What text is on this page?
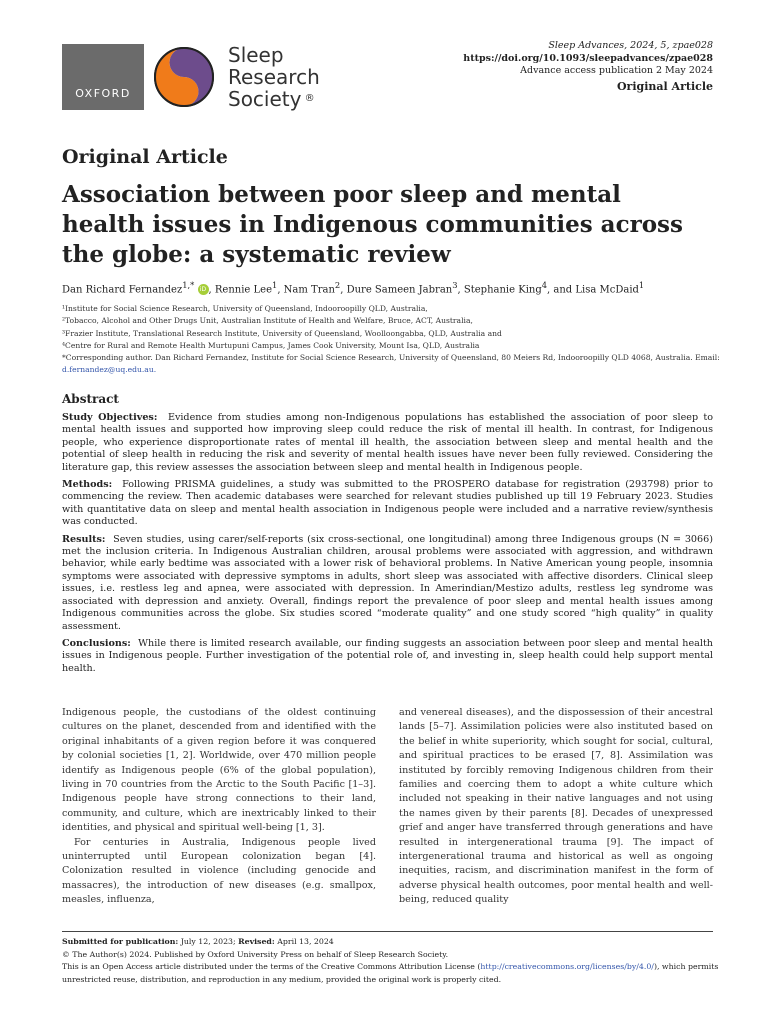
OXFORD
Sleep
Research
Society ®
Sleep Advances, 2024, 5, zpae028
https://doi.org/10.1093/sleepadvances/zpae028
Advance access publication 2 May 2024
Original Article
Original Article
Association between poor sleep and mental health issues in Indigenous communities across the globe: a systematic review
Dan Richard Fernandez$^{1,*}$ iD , Rennie Lee$^1$, Nam Tran$^2$, Dure Sameen Jabran$^3$, Stephanie King$^4$, and Lisa McDaid$^1$
¹Institute for Social Science Research, University of Queensland, Indooroopilly QLD, Australia,
²Tobacco, Alcohol and Other Drugs Unit, Australian Institute of Health and Welfare, Bruce, ACT, Australia,
³Frazier Institute, Translational Research Institute, University of Queensland, Woolloongabba, QLD, Australia and
⁴Centre for Rural and Remote Health Murtupuni Campus, James Cook University, Mount Isa, QLD, Australia
*Corresponding author. Dan Richard Fernandez, Institute for Social Science Research, University of Queensland, 80 Meiers Rd, Indooroopilly QLD 4068, Australia. Email: d.fernandez@uq.edu.au.
Abstract

Study Objectives: Evidence from studies among non-Indigenous populations has established the association of poor sleep to mental health issues and supported how improving sleep could reduce the risk of mental ill health. In contrast, for Indigenous people, who experience disproportionate rates of mental ill health, the association between sleep and mental health and the potential of sleep health in reducing the risk and severity of mental health issues have never been fully reviewed. Considering the literature gap, this review assesses the association between sleep and mental health in Indigenous people.

Methods: Following PRISMA guidelines, a study was submitted to the PROSPERO database for registration (293798) prior to commencing the review. Then academic databases were searched for relevant studies published up till 19 February 2023. Studies with quantitative data on sleep and mental health association in Indigenous people were included and a narrative review/synthesis was conducted.

Results: Seven studies, using carer/self-reports (six cross-sectional, one longitudinal) among three Indigenous groups (N = 3066) met the inclusion criteria. In Indigenous Australian children, arousal problems were associated with aggression, and withdrawn behavior, while early bedtime was associated with a lower risk of behavioral problems. In Native American young people, insomnia symptoms were associated with depressive symptoms in adults, short sleep was associated with affective disorders. Clinical sleep issues, i.e. restless leg and apnea, were associated with depression. In Amerindian/Mestizo adults, restless leg syndrome was associated with depression and anxiety. Overall, findings report the prevalence of poor sleep and mental health issues among Indigenous communities across the globe. Six studies scored “moderate quality” and one study scored “high quality” in quality assessment.

Conclusions: While there is limited research available, our finding suggests an association between poor sleep and mental health issues in Indigenous people. Further investigation of the potential role of, and investing in, sleep health could help support mental health.

Indigenous people, the custodians of the oldest continuing cultures on the planet, descended from and identified with the original inhabitants of a given region before it was conquered by colonial societies [1, 2]. Worldwide, over 470 million people identify as Indigenous people (6% of the global population), living in 70 countries from the Arctic to the South Pacific [1–3]. Indigenous people have strong connections to their land, community, and culture, which are inextricably linked to their identities, and physical and spiritual well-being [1, 3].

For centuries in Australia, Indigenous people lived uninterrupted until European colonization began [4]. Colonization resulted in violence (including genocide and massacres), the introduction of new diseases (e.g. smallpox, measles, influenza,

and venereal diseases), and the dispossession of their ancestral lands [5–7]. Assimilation policies were also instituted based on the belief in white superiority, which sought for social, cultural, and spiritual practices to be erased [7, 8]. Assimilation was instituted by forcibly removing Indigenous children from their families and coercing them to adopt a white culture which included not speaking in their native languages and not using the names given by their parents [8]. Decades of unexpressed grief and anger have transferred through generations and have resulted in intergenerational trauma [9]. The impact of intergenerational trauma and historical as well as ongoing inequities, racism, and discrimination manifest in the form of adverse physical health outcomes, poor mental health and well-being, reduced quality

Submitted for publication: July 12, 2023; Revised: April 13, 2024
© The Author(s) 2024. Published by Oxford University Press on behalf of Sleep Research Society.
This is an Open Access article distributed under the terms of the Creative Commons Attribution License (http://creativecommons.org/licenses/by/4.0/), which permits unrestricted reuse, distribution, and reproduction in any medium, provided the original work is properly cited.
